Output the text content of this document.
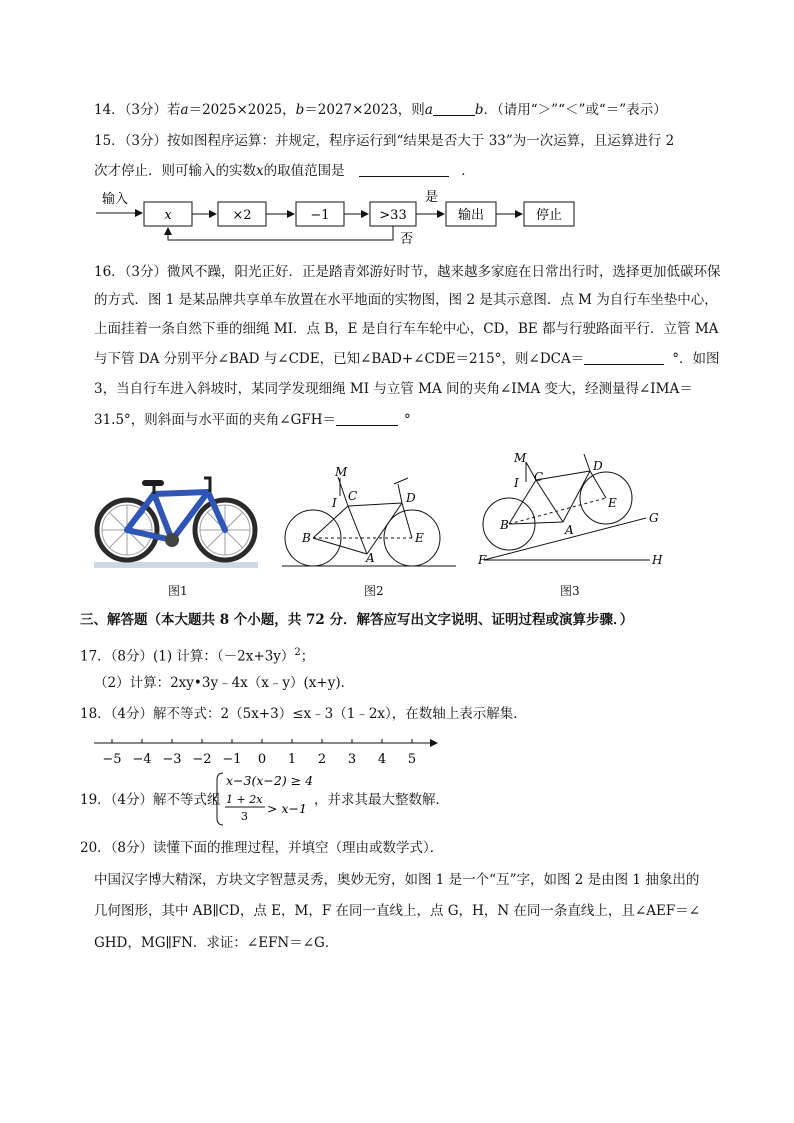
14．（3分）若a＝2025×2025，b＝2027×2023，则a	b．（请用“＞”“＜”或“＝”表示）
15．（3分）按如图程序运算：并规定，程序运行到“结果是否大于 33”为一次运算，且运算进行 2
次才停止．则可输入的实数x的取值范围是	．
输入
x	×2	−1	>33
是
输出	停止
否
16．（3分）微风不躁，阳光正好．正是踏青郊游好时节，越来越多家庭在日常出行时，选择更加低碳环保
的方式．图 1 是某品牌共享单车放置在水平地面的实物图，图 2 是其示意图．点 M 为自行车坐垫中心，
上面挂着一条自然下垂的细绳 MI．点 B，E 是自行车车轮中心，CD，BE 都与行驶路面平行．立管 MA
与下管 DA 分别平分∠BAD 与∠CDE，已知∠BAD+∠CDE＝215°，则∠DCA＝	°．如图
3，当自行车进入斜坡时，某同学发现细绳 MI 与立管 MA 间的夹角∠IMA 变大，经测量得∠IMA＝
31.5°，则斜面与水平面的夹角∠GFH＝	°
图1
M
I C	D
B	E
A
图2
M
I C
D
B
E
A
G
F	H
图3
三、解答题（本大题共 8 个小题，共 72 分．解答应写出文字说明、证明过程或演算步骤．）
17．（8分）(1) 计算：$(-2x+3y)^2$；
（2）计算：2xy•3y﹣4x（x﹣y）(x+y)．
18．（4分）解不等式：2（5x+3）≤x﹣3（1﹣2x），在数轴上表示解集．
−5 −4 −3 −2 −1 0 1 2 3 4 5
19．（4分）解不等式组
x−3(x−2) ≥ 4
1 + 2x
3
> x−1
，并求其最大整数解．
20．（8分）读懂下面的推理过程，并填空（理由或数学式）．
中国汉字博大精深，方块文字智慧灵秀，奥妙无穷，如图 1 是一个“互”字，如图 2 是由图 1 抽象出的
几何图形，其中 AB∥CD，点 E，M，F 在同一直线上，点 G，H，N 在同一条直线上，且∠AEF＝∠
GHD，MG∥FN．求证：∠EFN＝∠G．
